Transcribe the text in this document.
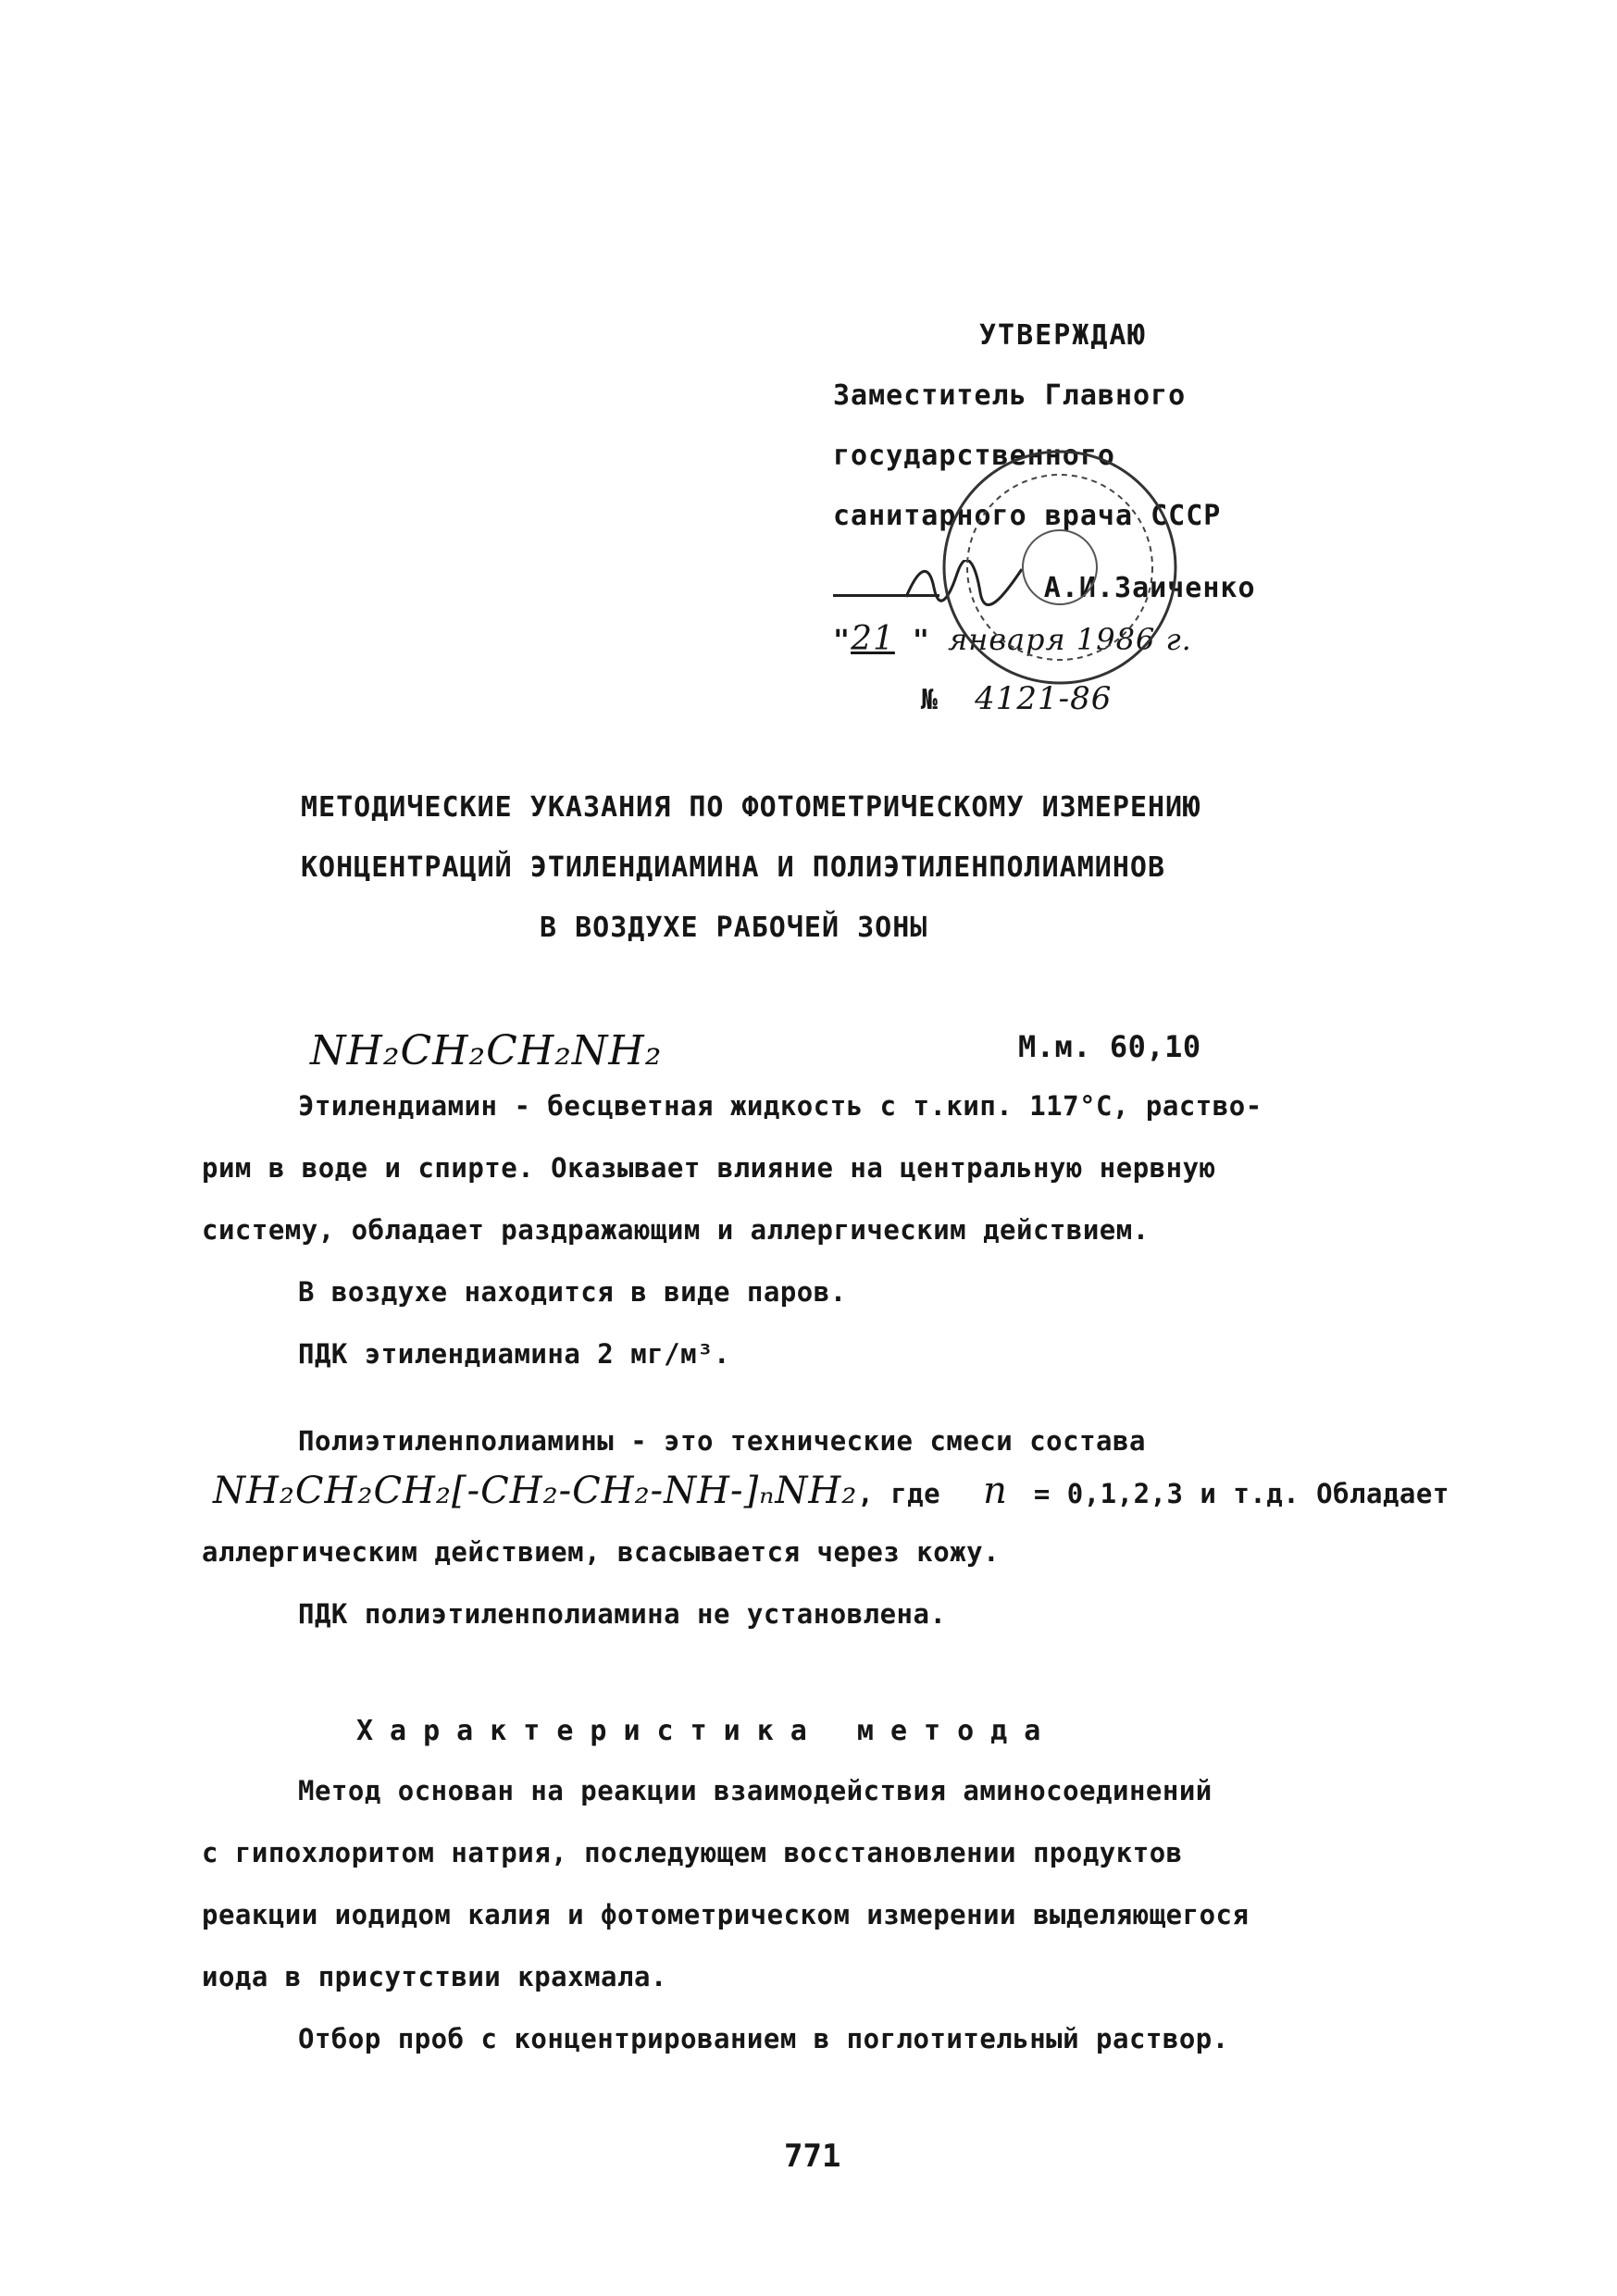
УТВЕРЖДАЮ
Заместитель Главного
государственного
санитарного врача СССР
А.И.Заиченко
"21 " января 1986 г.
№ 4121-86
МЕТОДИЧЕСКИЕ УКАЗАНИЯ ПО ФОТОМЕТРИЧЕСКОМУ ИЗМЕРЕНИЮ
КОНЦЕНТРАЦИЙ ЭТИЛЕНДИАМИНА И ПОЛИЭТИЛЕНПОЛИАМИНОВ
В ВОЗДУХЕ РАБОЧЕЙ ЗОНЫ
NH₂CH₂CH₂NH₂	М.м. 60,10
Этилендиамин - бесцветная жидкость с т.кип. 117°С, раство-
рим в воде и спирте. Оказывает влияние на центральную нервную
систему, обладает раздражающим и аллергическим действием.
В воздухе находится в виде паров.
ПДК этилендиамина 2 мг/м³.
Полиэтиленполиамины - это технические смеси состава
NH₂CH₂CH₂[-CH₂-CH₂-NH-]ₙNH₂, где n = 0,1,2,3 и т.д. Обладает
аллергическим действием, всасывается через кожу.
ПДК полиэтиленполиамина не установлена.
Характеристика метода
Метод основан на реакции взаимодействия аминосоединений
с гипохлоритом натрия, последующем восстановлении продуктов
реакции иодидом калия и фотометрическом измерении выделяющегося
иода в присутствии крахмала.
Отбор проб с концентрированием в поглотительный раствор.
771
